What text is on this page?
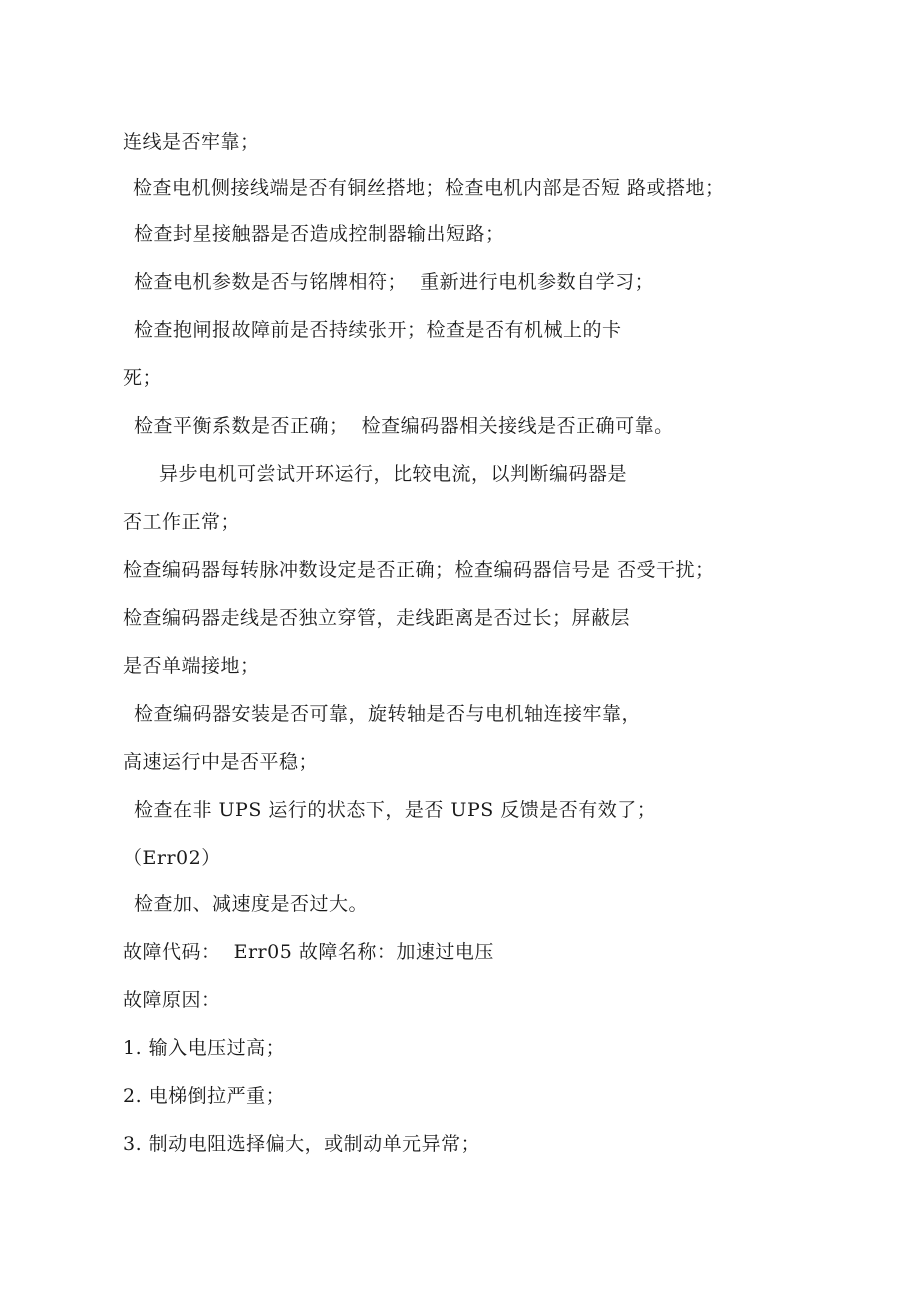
连线是否牢靠；
检查电机侧接线端是否有铜丝搭地；检查电机内部是否短 路或搭地；
检查封星接触器是否造成控制器输出短路；
检查电机参数是否与铭牌相符；  重新进行电机参数自学习；
检查抱闸报故障前是否持续张开；检查是否有机械上的卡
死；
检查平衡系数是否正确；  检查编码器相关接线是否正确可靠。
异步电机可尝试开环运行，比较电流，以判断编码器是
否工作正常；
检查编码器每转脉冲数设定是否正确；检查编码器信号是 否受干扰；
检查编码器走线是否独立穿管，走线距离是否过长；屏蔽层
是否单端接地；
检查编码器安装是否可靠，旋转轴是否与电机轴连接牢靠，
高速运行中是否平稳；
检查在非 UPS 运行的状态下，是否 UPS 反馈是否有效了；
（Err02）
检查加、减速度是否过大。
故障代码：  Err05 故障名称：加速过电压
故障原因：
1. 输入电压过高；
2. 电梯倒拉严重；
3. 制动电阻选择偏大，或制动单元异常；
